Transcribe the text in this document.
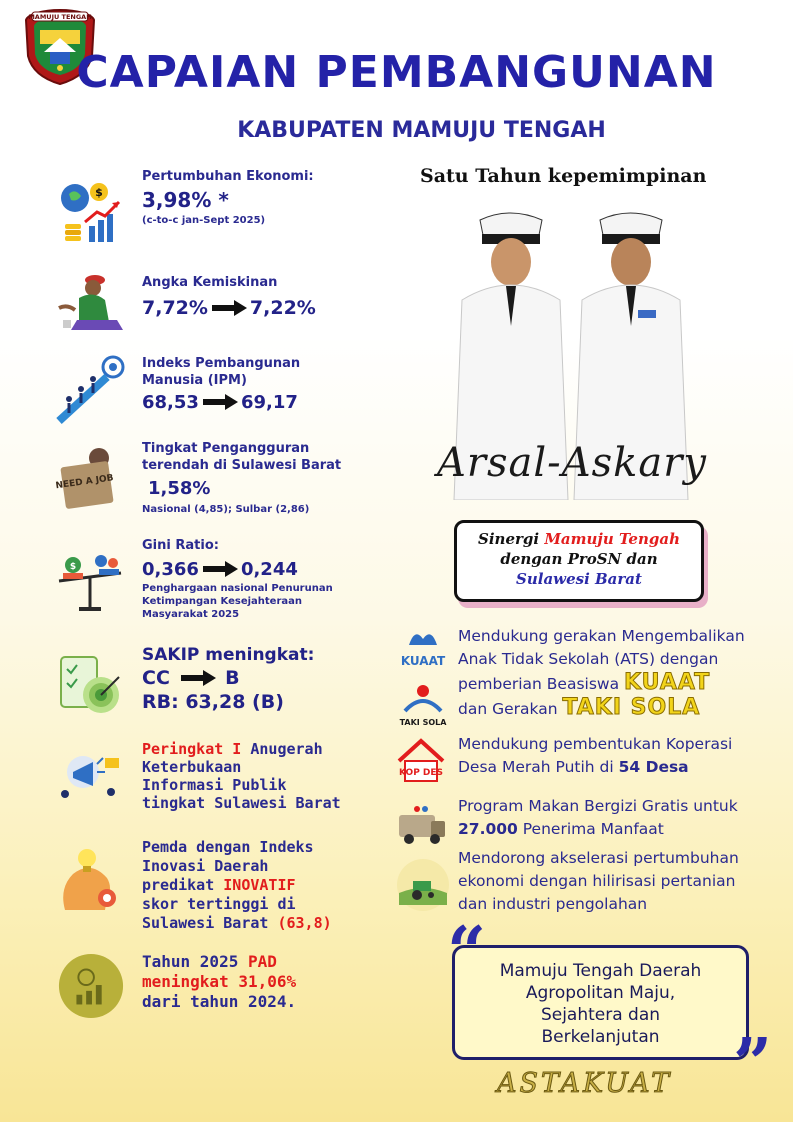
MAMUJU TENGAH
CAPAIAN PEMBANGUNAN
KABUPATEN MAMUJU TENGAH
$
Pertumbuhan Ekonomi:
3,98% *
(c-to-c jan-Sept 2025)
Angka Kemiskinan
7,72% 7,22%
Indeks Pembangunan
Manusia (IPM)
68,53 69,17
NEED A JOB
Tingkat Pengangguran
terendah di Sulawesi Barat
1,58%
Nasional (4,85); Sulbar (2,86)
$
Gini Ratio:
0,366 0,244
Penghargaan nasional Penurunan
Ketimpangan Kesejahteraan
Masyarakat 2025
SAKIP meningkat:
CC	B
RB: 63,28 (B)
Peringkat I Anugerah
Keterbukaan
Informasi Publik
tingkat Sulawesi Barat
Pemda dengan Indeks
Inovasi Daerah
predikat INOVATIF
skor tertinggi di
Sulawesi Barat (63,8)
Tahun 2025 PAD
meningkat 31,06%
dari tahun 2024.
Satu Tahun kepemimpinan
Arsal-Askary
Sinergi Mamuju Tengah
dengan ProSN dan
Sulawesi Barat
KUAAT
TAKI SOLA
Mendukung gerakan Mengembalikan
Anak Tidak Sekolah (ATS) dengan
pemberian Beasiswa KUAAT
dan Gerakan TAKI SOLA
KOP DES
Mendukung pembentukan Koperasi
Desa Merah Putih di 54 Desa
Program Makan Bergizi Gratis untuk
27.000 Penerima Manfaat
Mendorong akselerasi pertumbuhan
ekonomi dengan hilirisasi pertanian
dan industri pengolahan
Mamuju Tengah Daerah
Agropolitan Maju,
Sejahtera dan
Berkelanjutan
“
”
ASTAKUAT
